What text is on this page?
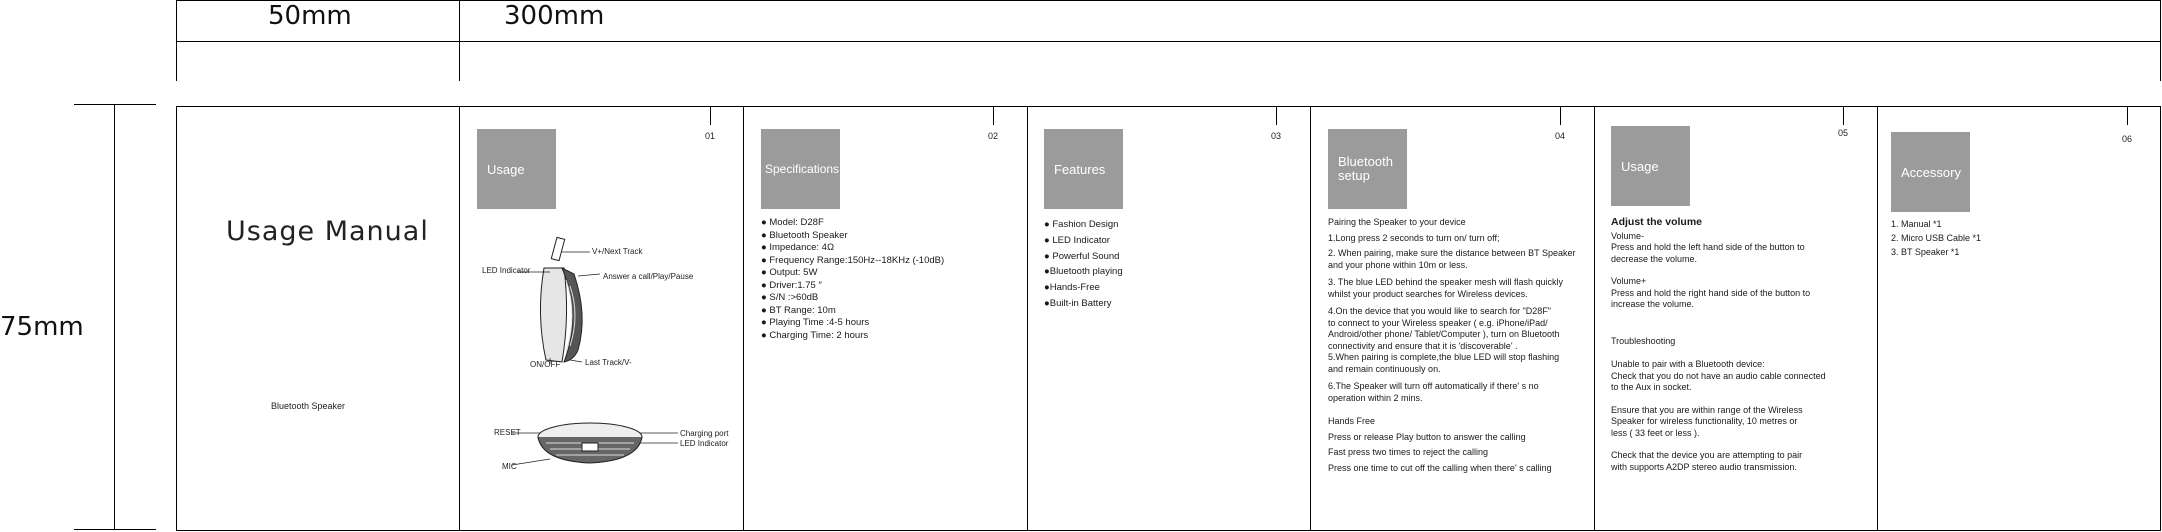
50mm	300mm
75mm
Usage Manual
Bluetooth Speaker
Usage
01
V+/Next Track
LED Indicator
Answer a call/Play/Pause
ON/OFF	Last Track/V-
RESET	Charging port
LED Indicator
MIC
Specifications
02
● Model: D28F
● Bluetooth Speaker
● Impedance: 4Ω
● Frequency Range:150Hz--18KHz (-10dB)
● Output: 5W
● Driver:1.75 ″
● S/N :>60dB
● BT Range: 10m
● Playing Time :4-5 hours
● Charging Time: 2 hours
Features
03
● Fashion Design
● LED Indicator
● Powerful Sound
●Bluetooth playing
●Hands-Free
●Built-in Battery
Bluetooth
setup
04
Pairing the Speaker to your device
1.Long press 2 seconds to turn on/ turn off;
2. When pairing, make sure the distance between BT Speaker
and your phone within 10m or less.
3. The blue LED behind the speaker mesh will flash quickly
whilst your product searches for Wireless devices.
4.On the device that you would like to search for "D28F"
to connect to your Wireless speaker ( e.g. iPhone/iPad/
Android/other phone/ Tablet/Computer ), turn on Bluetooth
connectivity and ensure that it is 'discoverable' .
5.When pairing is complete,the blue LED will stop flashing
and remain continuously on.
6.The Speaker will turn off automatically if there' s no
operation within 2 mins.
Hands Free
Press or release Play button to answer the calling
Fast press two times to reject the calling
Press one time to cut off the calling when there' s calling
Usage
05
Adjust the volume
Volume-
Press and hold the left hand side of the button to
decrease the volume.
Volume+
Press and hold the right hand side of the button to
increase the volume.
Troubleshooting
Unable to pair with a Bluetooth device:
Check that you do not have an audio cable connected
to the Aux in socket.
Ensure that you are within range of the Wireless
Speaker for wireless functionality, 10 metres or
less ( 33 feet or less ).
Check that the device you are attempting to pair
with supports A2DP stereo audio transmission.
Accessory
06
1. Manual *1
2. Micro USB Cable *1
3. BT Speaker *1
